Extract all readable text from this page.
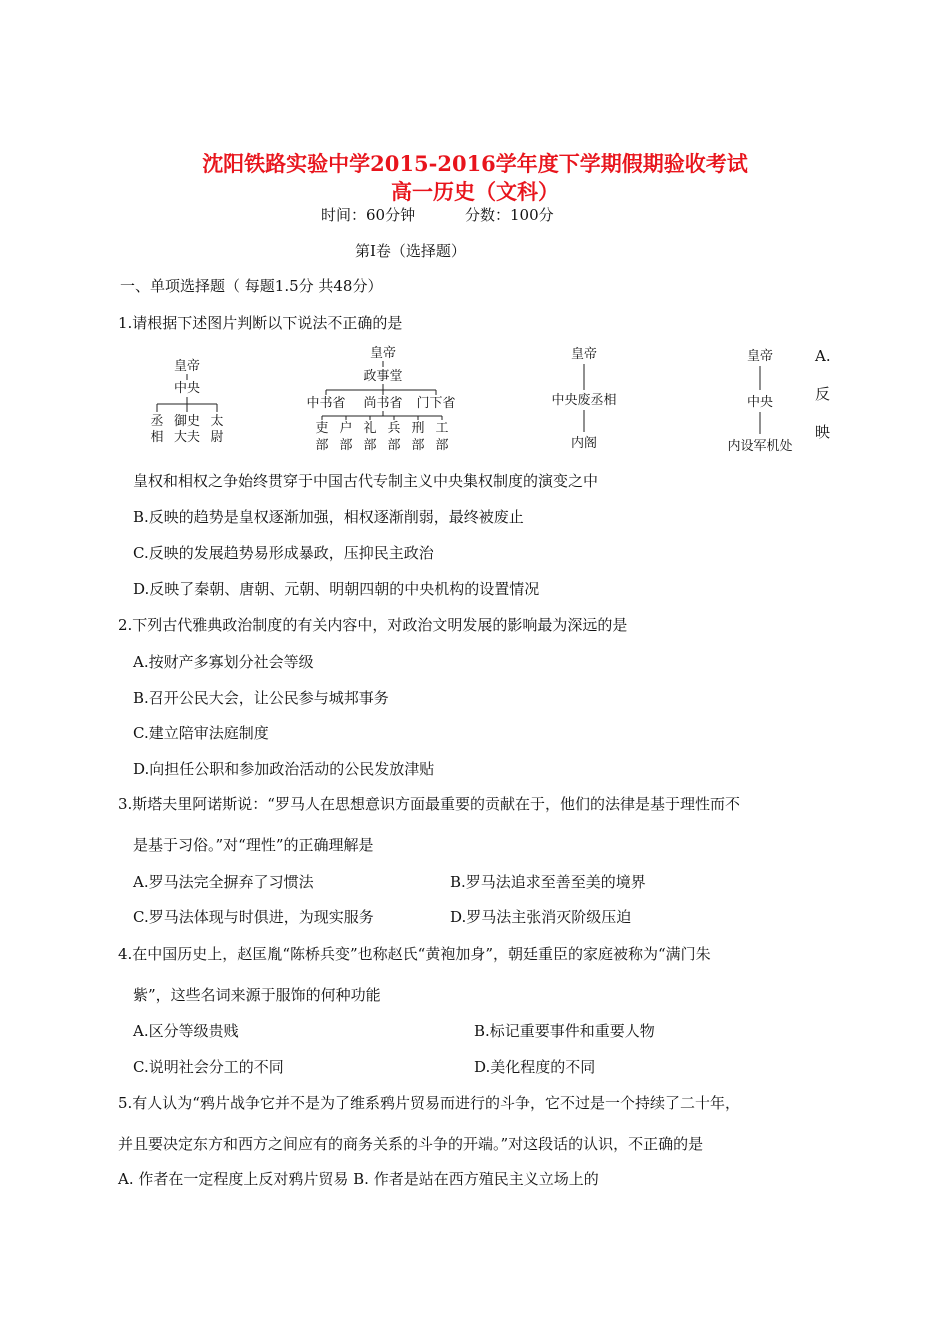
沈阳铁路实验中学2015-2016学年度下学期假期验收考试
高一历史（文科）
时间：60分钟	分数：100分
第Ⅰ卷（选择题）
一、单项选择题（ 每题1.5分 共48分）
1.请根据下述图片判断以下说法不正确的是
皇帝
中央
丞
相
御史
大夫
太
尉
皇帝
政事堂
中书省 尚书省 门下省
吏
部
户
部
礼
部
兵
部
刑
部
工
部
皇帝
中央废丞相
内阁
皇帝
中央
内设军机处
A.
反
映
皇权和相权之争始终贯穿于中国古代专制主义中央集权制度的演变之中
B.反映的趋势是皇权逐渐加强，相权逐渐削弱，最终被废止
C.反映的发展趋势易形成暴政，压抑民主政治
D.反映了秦朝、唐朝、元朝、明朝四朝的中央机构的设置情况
2.下列古代雅典政治制度的有关内容中，对政治文明发展的影响最为深远的是
A.按财产多寡划分社会等级
B.召开公民大会，让公民参与城邦事务
C.建立陪审法庭制度
D.向担任公职和参加政治活动的公民发放津贴
3.斯塔夫里阿诺斯说：“罗马人在思想意识方面最重要的贡献在于，他们的法律是基于理性而不
是基于习俗。”对“理性”的正确理解是
A.罗马法完全摒弃了习惯法	B.罗马法追求至善至美的境界
C.罗马法体现与时俱进，为现实服务	D.罗马法主张消灭阶级压迫
4.在中国历史上，赵匡胤“陈桥兵变”也称赵氏“黄袍加身”，朝廷重臣的家庭被称为“满门朱
紫”，这些名词来源于服饰的何种功能
A.区分等级贵贱	B.标记重要事件和重要人物
C.说明社会分工的不同	D.美化程度的不同
5.有人认为“鸦片战争它并不是为了维系鸦片贸易而进行的斗争，它不过是一个持续了二十年，
并且要决定东方和西方之间应有的商务关系的斗争的开端。”对这段话的认识，不正确的是
A. 作者在一定程度上反对鸦片贸易 B. 作者是站在西方殖民主义立场上的
